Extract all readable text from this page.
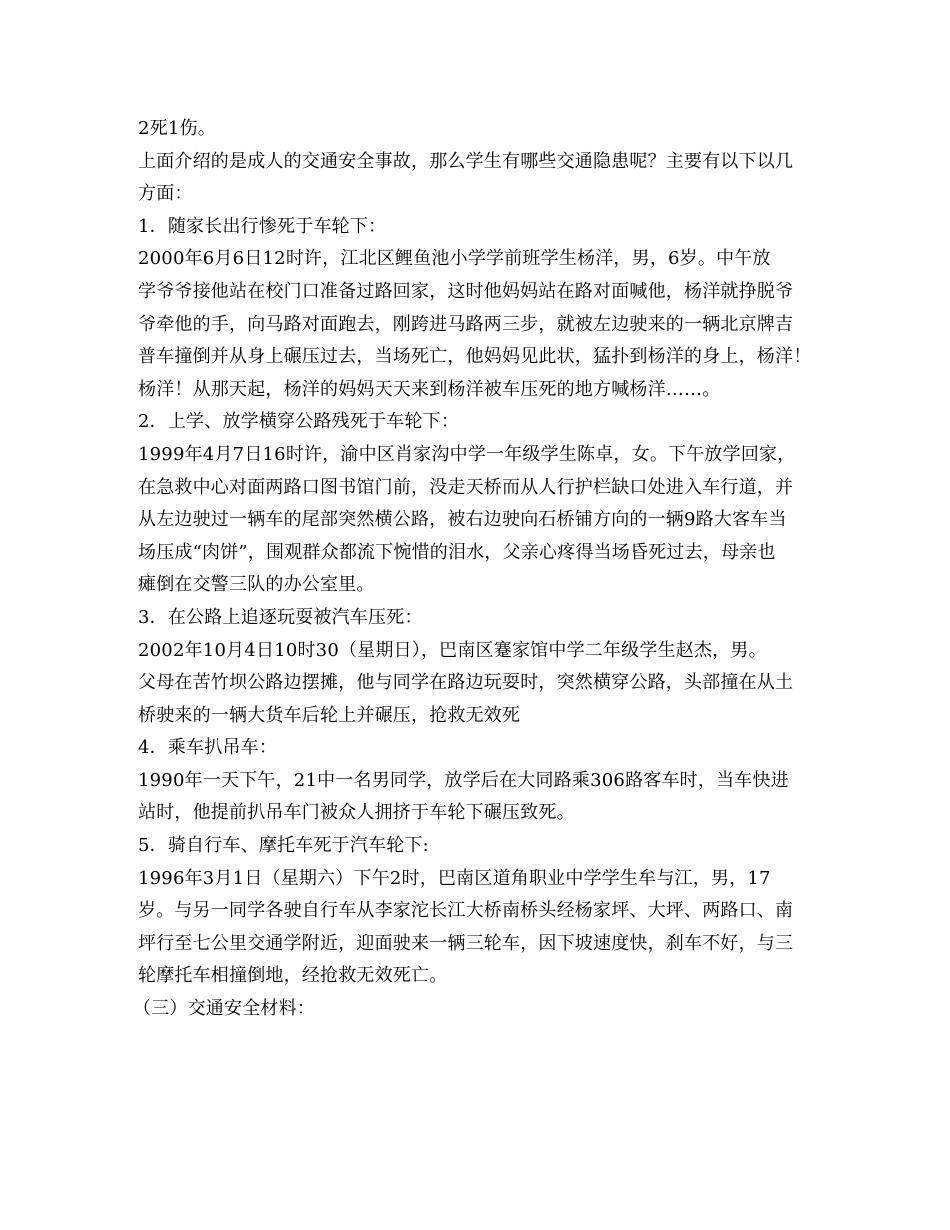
2死1伤。
上面介绍的是成人的交通安全事故，那么学生有哪些交通隐患呢？主要有以下以几
方面：
1．随家长出行惨死于车轮下：
2000年6月6日12时许，江北区鲤鱼池小学学前班学生杨洋，男，6岁。中午放
学爷爷接他站在校门口准备过路回家，这时他妈妈站在路对面喊他，杨洋就挣脱爷
爷牵他的手，向马路对面跑去，刚跨进马路两三步，就被左边驶来的一辆北京牌吉
普车撞倒并从身上碾压过去，当场死亡，他妈妈见此状，猛扑到杨洋的身上，杨洋！
杨洋！从那天起，杨洋的妈妈天天来到杨洋被车压死的地方喊杨洋……。
2．上学、放学横穿公路残死于车轮下：
1999年4月7日16时许，渝中区肖家沟中学一年级学生陈卓，女。下午放学回家，
在急救中心对面两路口图书馆门前，没走天桥而从人行护栏缺口处进入车行道，并
从左边驶过一辆车的尾部突然横公路，被右边驶向石桥铺方向的一辆9路大客车当
场压成“肉饼”，围观群众都流下惋惜的泪水，父亲心疼得当场昏死过去，母亲也
瘫倒在交警三队的办公室里。
3．在公路上追逐玩耍被汽车压死：
2002年10月4日10时30（星期日），巴南区蹇家馆中学二年级学生赵杰，男。
父母在苦竹坝公路边摆摊，他与同学在路边玩耍时，突然横穿公路，头部撞在从土
桥驶来的一辆大货车后轮上并碾压，抢救无效死
4．乘车扒吊车：
1990年一天下午，21中一名男同学，放学后在大同路乘306路客车时，当车快进
站时，他提前扒吊车门被众人拥挤于车轮下碾压致死。
5．骑自行车、摩托车死于汽车轮下:
1996年3月1日（星期六）下午2时，巴南区道角职业中学学生牟与江，男，17
岁。与另一同学各驶自行车从李家沱长江大桥南桥头经杨家坪、大坪、两路口、南
坪行至七公里交通学附近，迎面驶来一辆三轮车，因下坡速度快，刹车不好，与三
轮摩托车相撞倒地，经抢救无效死亡。
（三）交通安全材料：
